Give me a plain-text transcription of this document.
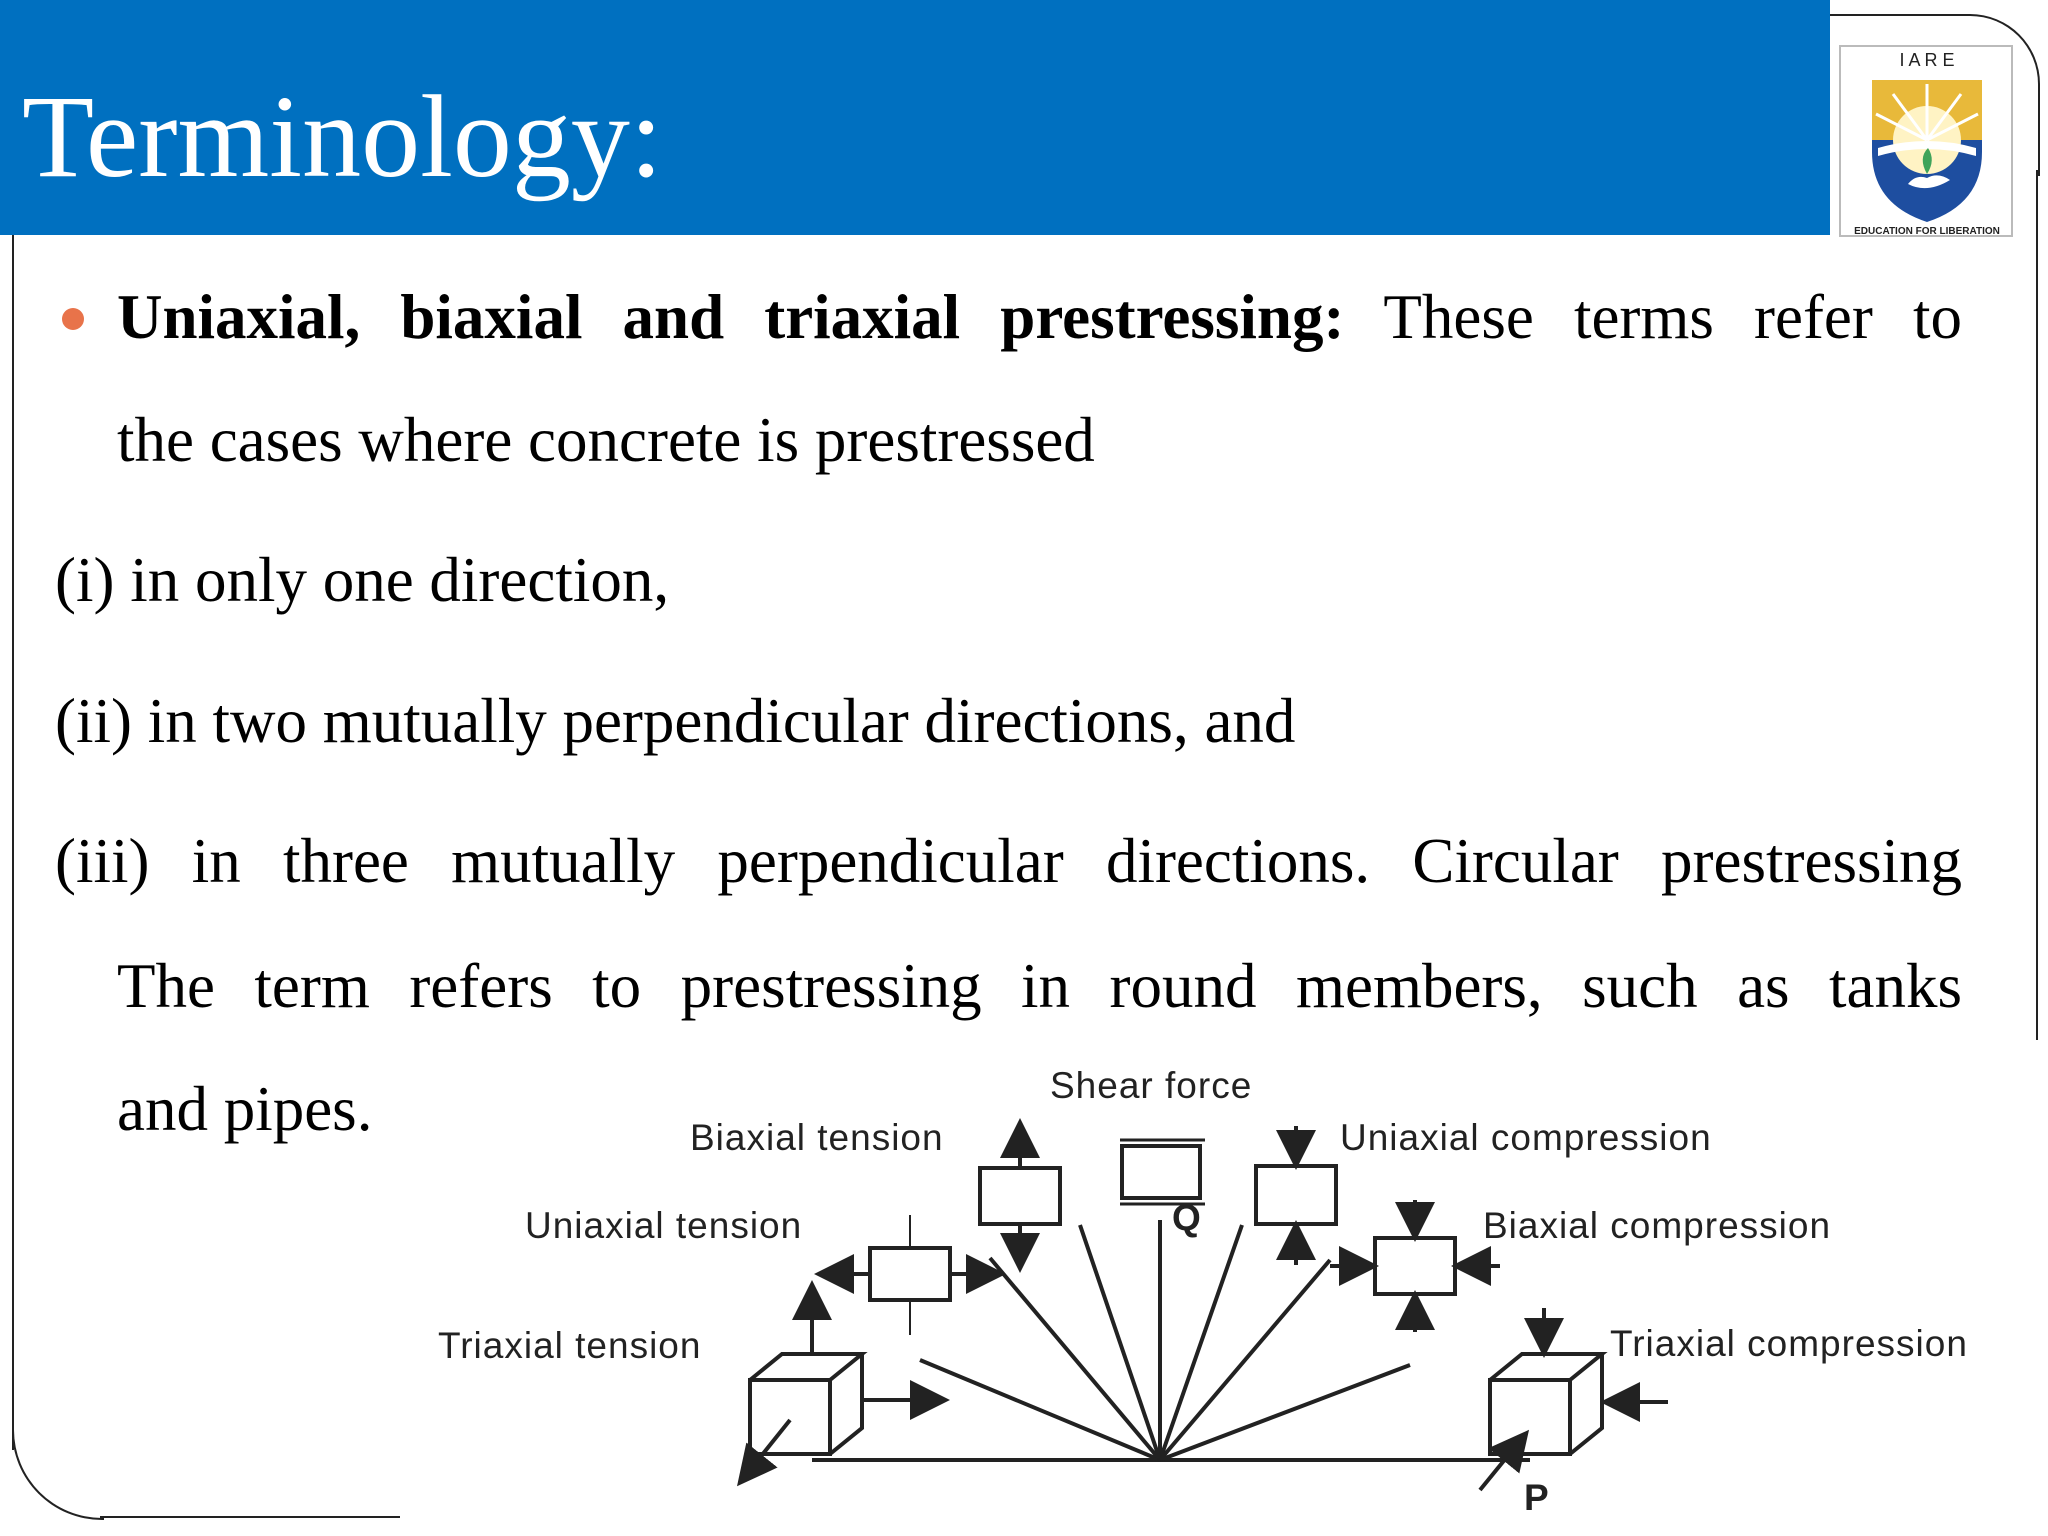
Terminology:
I A R E
EDUCATION FOR LIBERATION
Uniaxial, biaxial and triaxial prestressing: These terms refer to
the cases where concrete is prestressed
(i) in only one direction,
(ii) in two mutually perpendicular directions, and
(iii) in three mutually perpendicular directions. Circular prestressing
The term refers to prestressing in round members, such as tanks
and pipes.	Shear force
Biaxial tension	Uniaxial compression
Uniaxial tension	Biaxial compression
Triaxial tension	Triaxial compression
Q
P
